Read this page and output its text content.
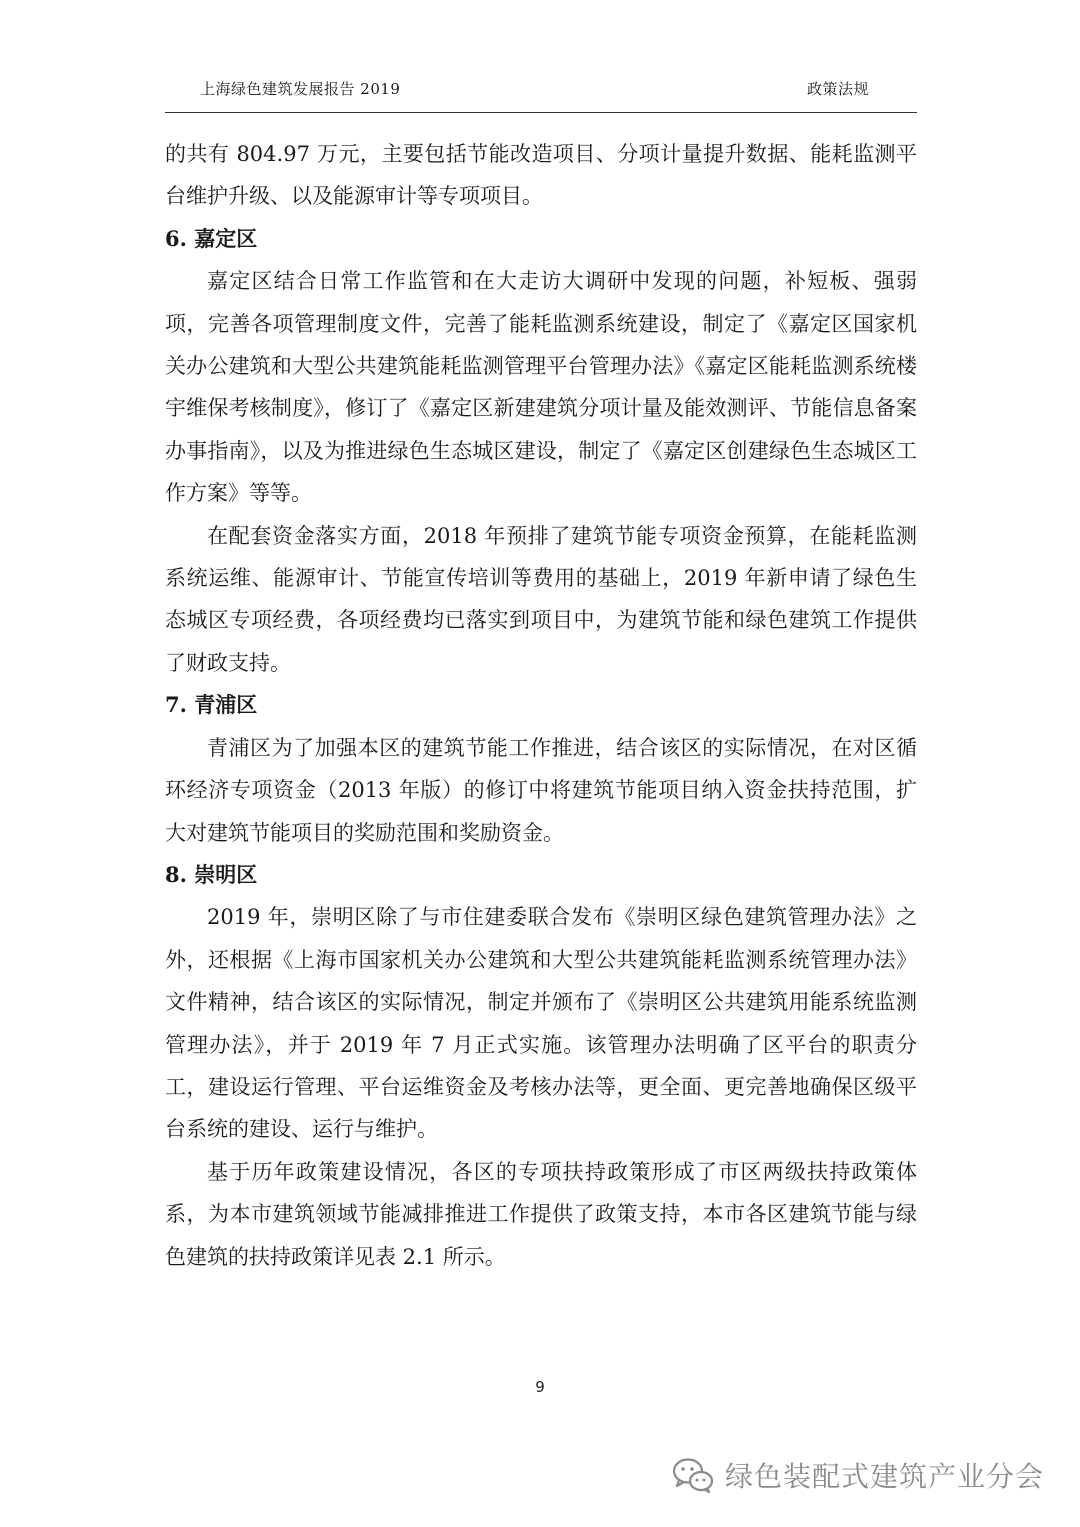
上海绿色建筑发展报告 2019	政策法规

的共有 804.97 万元，主要包括节能改造项目、分项计量提升数据、能耗监测平台维护升级、以及能源审计等专项项目。

6. 嘉定区

嘉定区结合日常工作监管和在大走访大调研中发现的问题，补短板、强弱项，完善各项管理制度文件，完善了能耗监测系统建设，制定了《嘉定区国家机关办公建筑和大型公共建筑能耗监测管理平台管理办法》《嘉定区能耗监测系统楼宇维保考核制度》，修订了《嘉定区新建建筑分项计量及能效测评、节能信息备案办事指南》，以及为推进绿色生态城区建设，制定了《嘉定区创建绿色生态城区工作方案》等等。

在配套资金落实方面，2018 年预排了建筑节能专项资金预算，在能耗监测系统运维、能源审计、节能宣传培训等费用的基础上，2019 年新申请了绿色生态城区专项经费，各项经费均已落实到项目中，为建筑节能和绿色建筑工作提供了财政支持。

7. 青浦区

青浦区为了加强本区的建筑节能工作推进，结合该区的实际情况，在对区循环经济专项资金（2013 年版）的修订中将建筑节能项目纳入资金扶持范围，扩大对建筑节能项目的奖励范围和奖励资金。

8. 崇明区

2019 年，崇明区除了与市住建委联合发布《崇明区绿色建筑管理办法》之外，还根据《上海市国家机关办公建筑和大型公共建筑能耗监测系统管理办法》文件精神，结合该区的实际情况，制定并颁布了《崇明区公共建筑用能系统监测管理办法》，并于 2019 年 7 月正式实施。该管理办法明确了区平台的职责分工，建设运行管理、平台运维资金及考核办法等，更全面、更完善地确保区级平台系统的建设、运行与维护。

基于历年政策建设情况，各区的专项扶持政策形成了市区两级扶持政策体系，为本市建筑领域节能减排推进工作提供了政策支持，本市各区建筑节能与绿色建筑的扶持政策详见表 2.1 所示。

9
绿色装配式建筑产业分会
